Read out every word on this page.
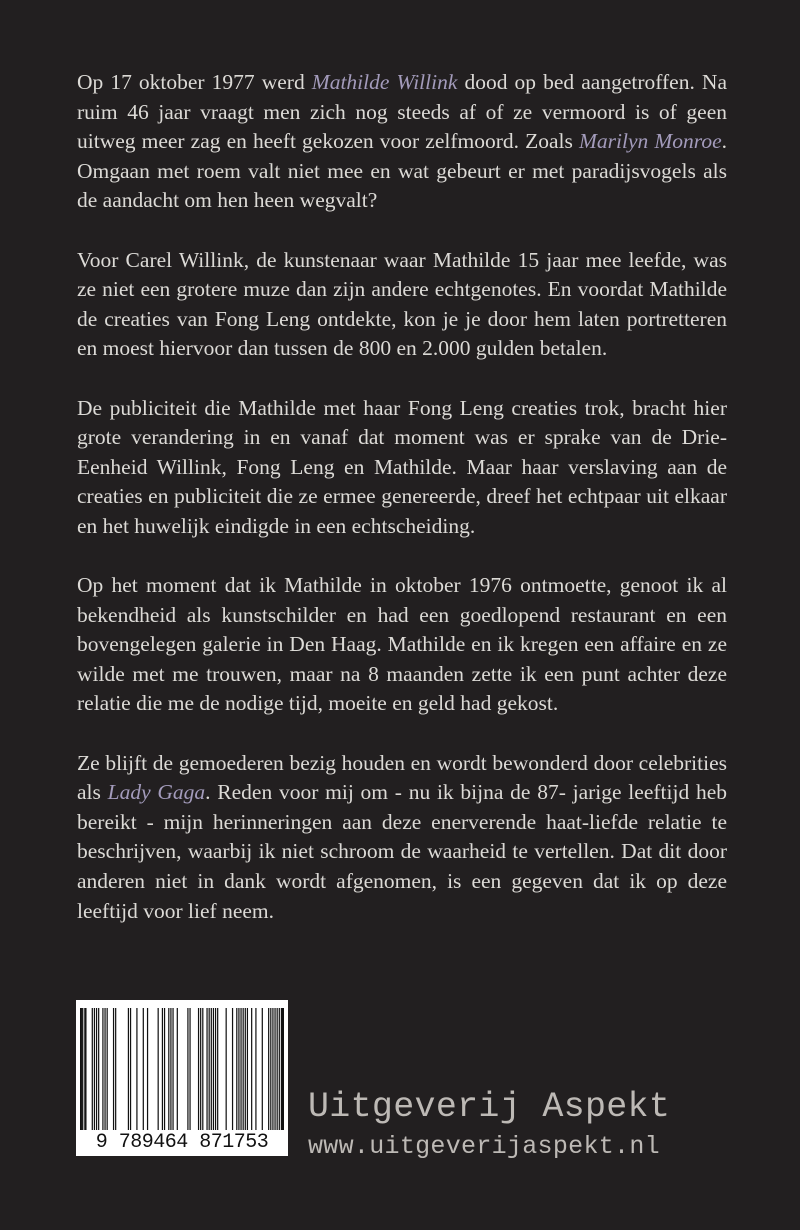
Op 17 oktober 1977 werd Mathilde Willink dood op bed aangetroffen. Na ruim 46 jaar vraagt men zich nog steeds af of ze vermoord is of geen uitweg meer zag en heeft gekozen voor zelfmoord. Zoals Marilyn Monroe. Omgaan met roem valt niet mee en wat gebeurt er met paradijsvogels als de aandacht om hen heen wegvalt?

Voor Carel Willink, de kunstenaar waar Mathilde 15 jaar mee leefde, was ze niet een grotere muze dan zijn andere echtgenotes. En voordat Mathilde de creaties van Fong Leng ontdekte, kon je je door hem laten portretteren en moest hiervoor dan tussen de 800 en 2.000 gulden betalen.

De publiciteit die Mathilde met haar Fong Leng creaties trok, bracht hier grote verandering in en vanaf dat moment was er sprake van de Drie-Eenheid Willink, Fong Leng en Mathilde. Maar haar verslaving aan de creaties en publiciteit die ze ermee genereerde, dreef het echtpaar uit elkaar en het huwelijk eindigde in een echtscheiding.

Op het moment dat ik Mathilde in oktober 1976 ontmoette, genoot ik al bekendheid als kunstschilder en had een goedlopend restaurant en een bovengelegen galerie in Den Haag. Mathilde en ik kregen een affaire en ze wilde met me trouwen, maar na 8 maanden zette ik een punt achter deze relatie die me de nodige tijd, moeite en geld had gekost.

Ze blijft de gemoederen bezig houden en wordt bewonderd door celebrities als Lady Gaga. Reden voor mij om - nu ik bijna de 87- jarige leeftijd heb bereikt - mijn herinneringen aan deze enerverende haat-liefde relatie te beschrijven, waarbij ik niet schroom de waarheid te vertellen. Dat dit door anderen niet in dank wordt afgenomen, is een gegeven dat ik op deze leeftijd voor lief neem.

9 789464 871753
Uitgeverij Aspekt
www.uitgeverijaspekt.nl
